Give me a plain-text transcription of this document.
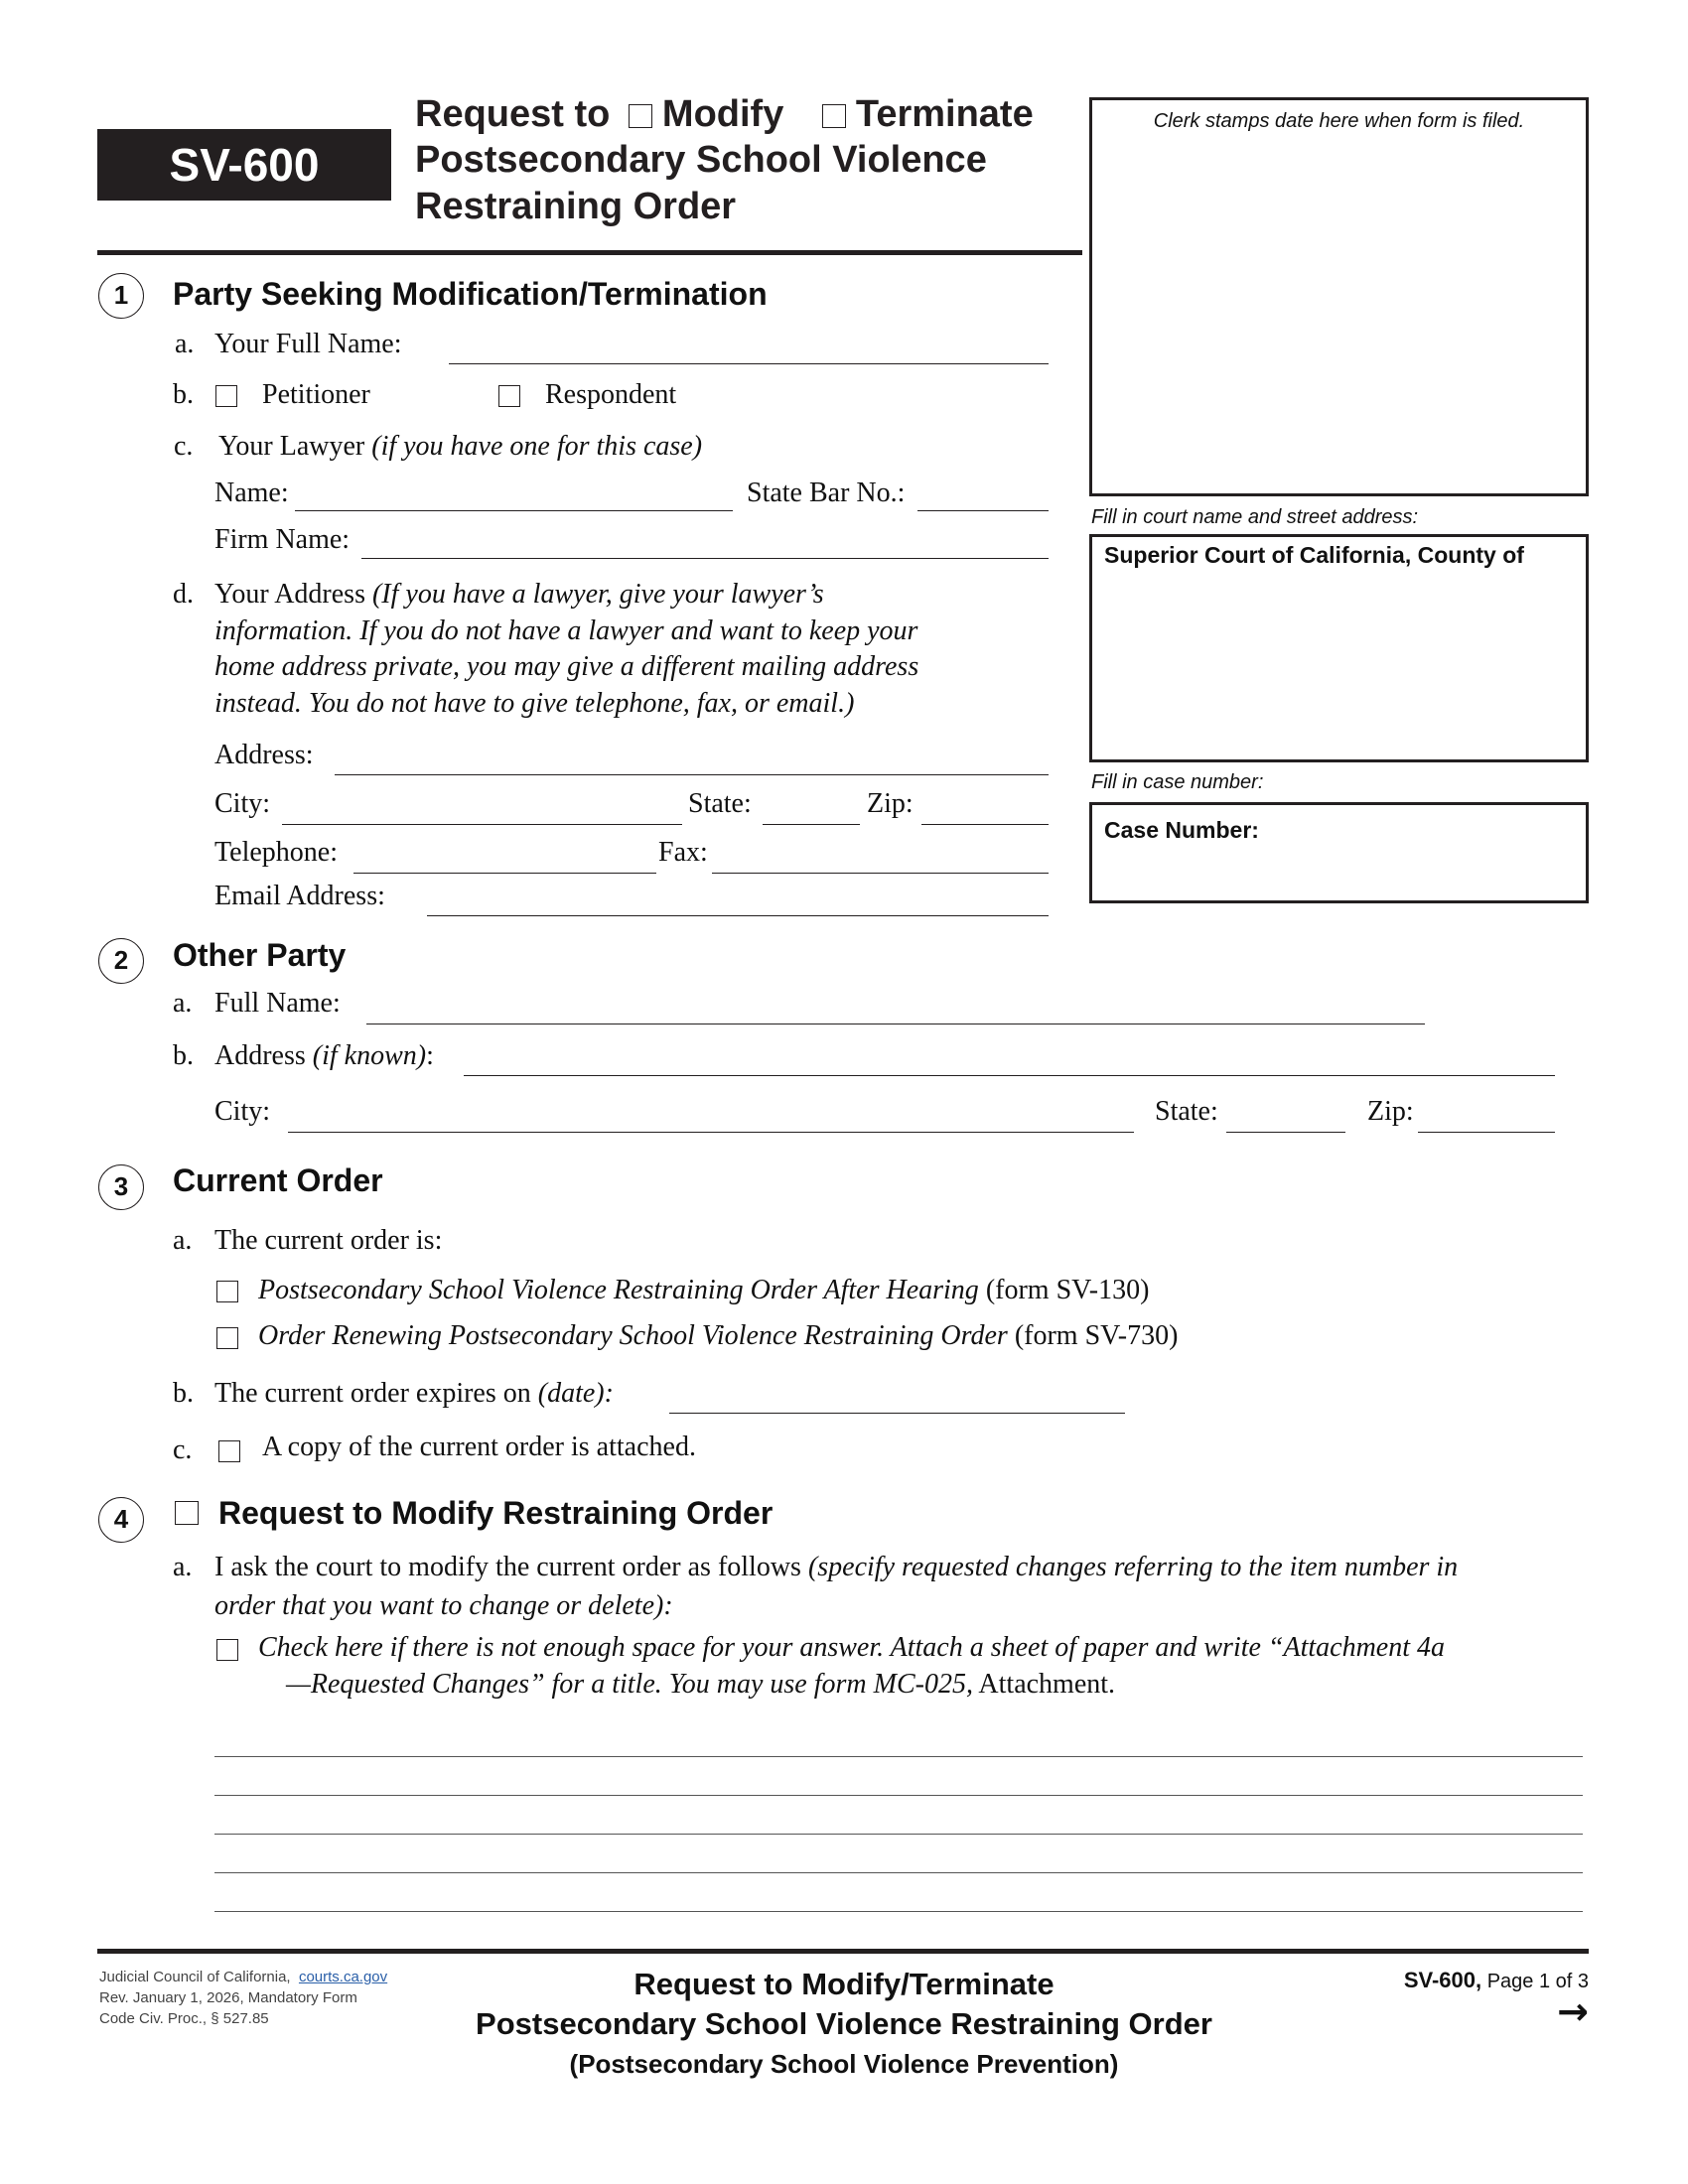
SV-600
Request to Modify Terminate
Postsecondary School Violence
Restraining Order
Clerk stamps date here when form is filed.
Fill in court name and street address:
Superior Court of California, County of
Fill in case number:
Case Number:
1	Party Seeking Modification/Termination
a. Your Full Name:
b. Petitioner	Respondent
c. Your Lawyer (if you have one for this case)
Name:	State Bar No.:
Firm Name:
d. Your Address (If you have a lawyer, give your lawyer’s
information. If you do not have a lawyer and want to keep your
home address private, you may give a different mailing address
instead. You do not have to give telephone, fax, or email.)
Address:
City:	State:	Zip:
Telephone:	Fax:
Email Address:
2	Other Party
a. Full Name:
b. Address (if known):
City:	State:	Zip:
3	Current Order
a. The current order is:
Postsecondary School Violence Restraining Order After Hearing (form SV-130)
Order Renewing Postsecondary School Violence Restraining Order (form SV-730)
b. The current order expires on (date):
c.	A copy of the current order is attached.
4	Request to Modify Restraining Order
a. I ask the court to modify the current order as follows (specify requested changes referring to the item number in
order that you want to change or delete):
Check here if there is not enough space for your answer. Attach a sheet of paper and write “Attachment 4a
—Requested Changes” for a title. You may use form MC-025, Attachment.
Judicial Council of California, courts.ca.gov
Rev. January 1, 2026, Mandatory Form
Code Civ. Proc., § 527.85
Request to Modify/Terminate
Postsecondary School Violence Restraining Order
(Postsecondary School Violence Prevention)
SV-600, Page 1 of 3
→
